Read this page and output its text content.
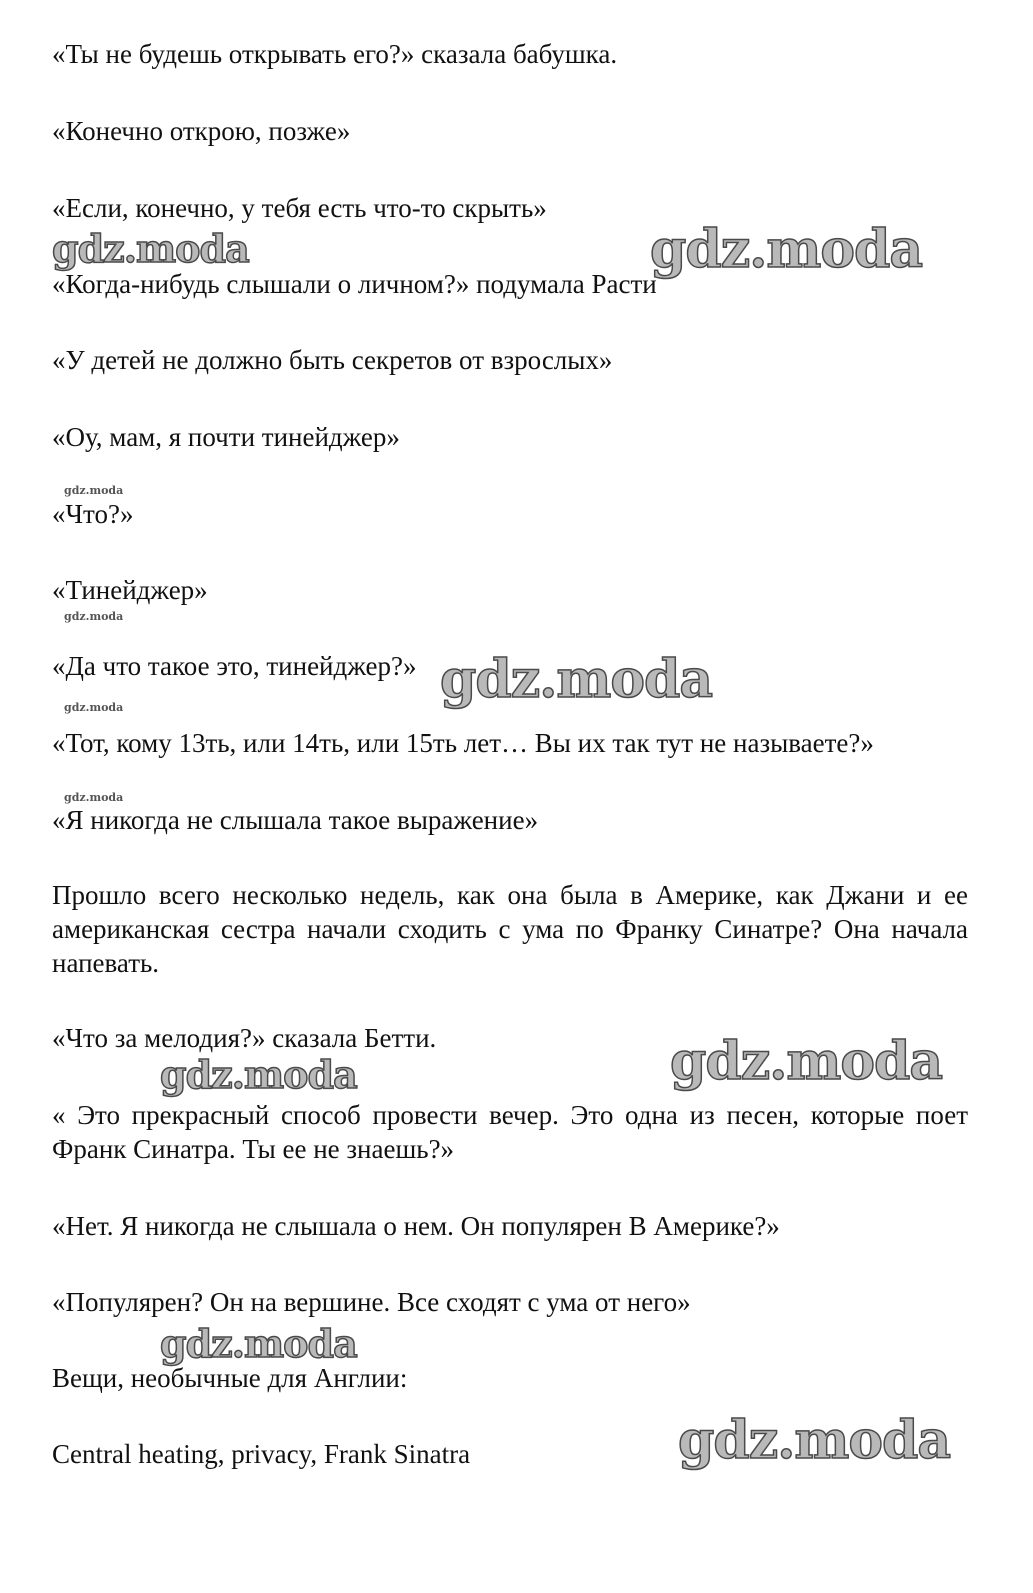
«Ты не будешь открывать его?» сказала бабушка.
«Конечно открою, позже»
«Если, конечно, у тебя есть что-то скрыть»
«Когда-нибудь слышали о личном?» подумала Расти
«У детей не должно быть секретов от взрослых»
«Оу, мам, я почти тинейджер»
«Что?»
«Тинейджер»
«Да что такое это, тинейджер?»
«Тот, кому 13ть, или 14ть, или 15ть лет… Вы их так тут не называете?»
«Я никогда не слышала такое выражение»
Прошло всего несколько недель, как она была в Америке, как Джани и ее американская сестра начали сходить с ума по Франку Синатре? Она начала напевать.
«Что за мелодия?» сказала Бетти.
« Это прекрасный способ провести вечер. Это одна из песен, которые поет Франк Синатра. Ты ее не знаешь?»
«Нет. Я никогда не слышала о нем. Он популярен В Америке?»
«Популярен? Он на вершине. Все сходят с ума от него»
Вещи, необычные для Англии:
Central heating, privacy, Frank Sinatra
gdz.moda	gdz.moda
gdz.moda
gdz.moda
gdz.moda
gdz.moda
gdz.moda
gdz.moda	gdz.moda
gdz.moda
gdz.moda
